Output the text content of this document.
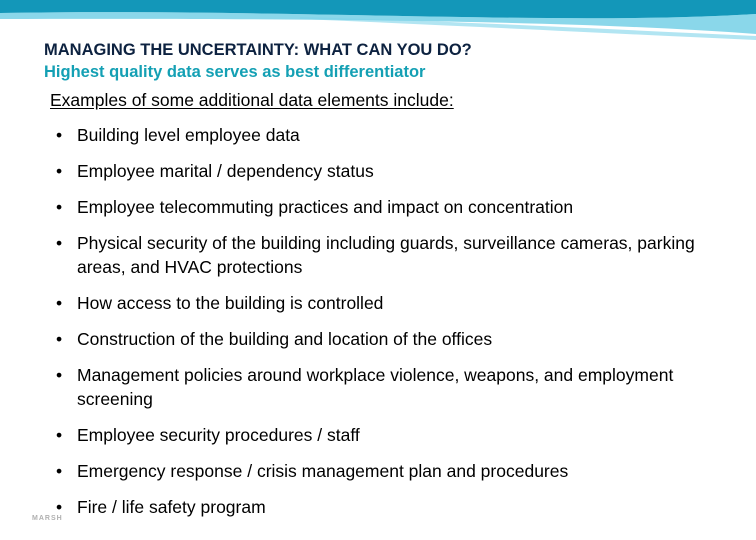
MANAGING THE UNCERTAINTY: WHAT CAN YOU DO?
Highest quality data serves as best differentiator

Examples of some additional data elements include:

• Building level employee data
• Employee marital / dependency status
• Employee telecommuting practices and impact on concentration
• Physical security of the building including guards, surveillance cameras, parking areas, and HVAC protections
• How access to the building is controlled
• Construction of the building and location of the offices
• Management policies around workplace violence, weapons, and employment screening
• Employee security procedures / staff
• Emergency response / crisis management plan and procedures
• Fire / life safety program
MARSH
